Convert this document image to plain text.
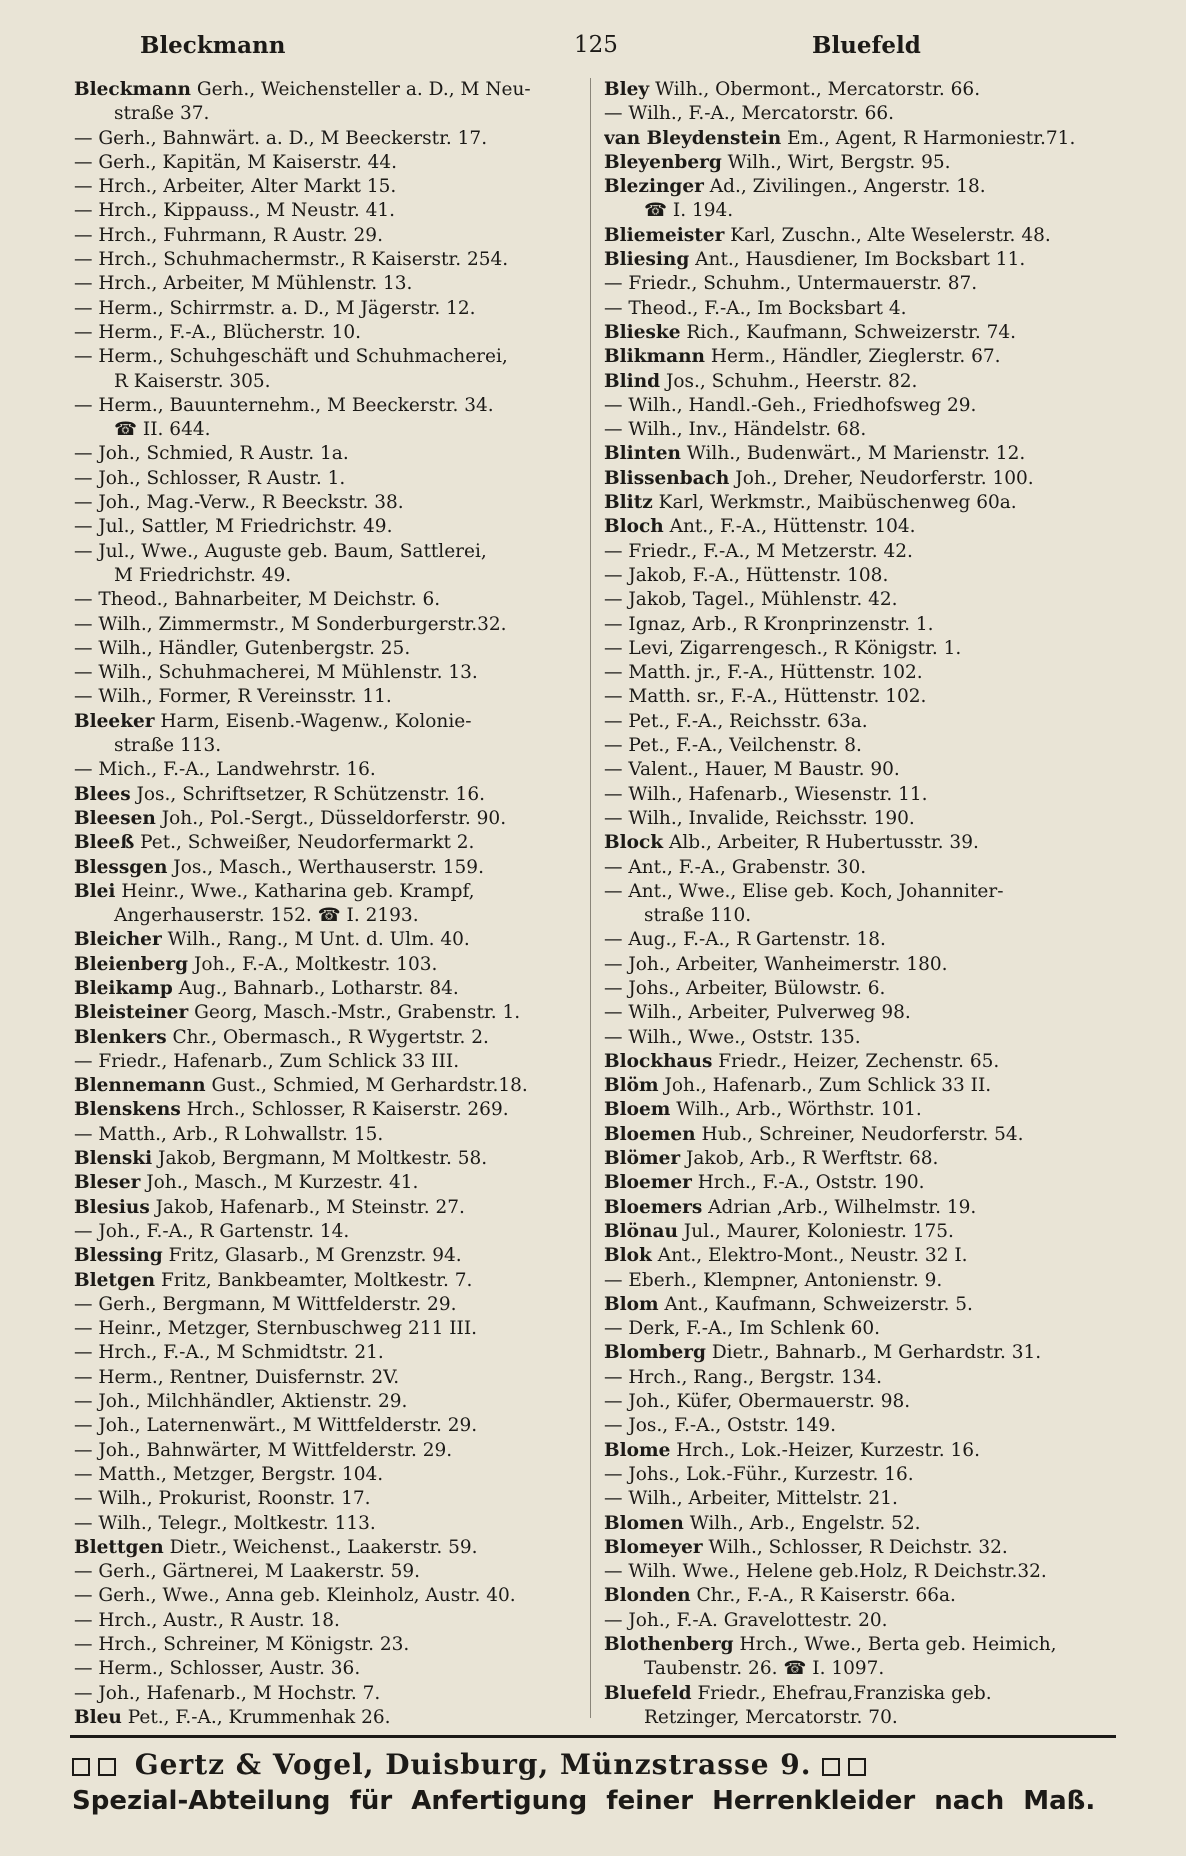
Bleckmann	125	Bluefeld
Bleckmann Gerh., Weichensteller a. D., M Neu-
straße 37.
— Gerh., Bahnwärt. a. D., M Beeckerstr. 17.
— Gerh., Kapitän, M Kaiserstr. 44.
— Hrch., Arbeiter, Alter Markt 15.
— Hrch., Kippauss., M Neustr. 41.
— Hrch., Fuhrmann, R Austr. 29.
— Hrch., Schuhmachermstr., R Kaiserstr. 254.
— Hrch., Arbeiter, M Mühlenstr. 13.
— Herm., Schirrmstr. a. D., M Jägerstr. 12.
— Herm., F.-A., Blücherstr. 10.
— Herm., Schuhgeschäft und Schuhmacherei,
R Kaiserstr. 305.
— Herm., Bauunternehm., M Beeckerstr. 34.
☎ II. 644.
— Joh., Schmied, R Austr. 1a.
— Joh., Schlosser, R Austr. 1.
— Joh., Mag.-Verw., R Beeckstr. 38.
— Jul., Sattler, M Friedrichstr. 49.
— Jul., Wwe., Auguste geb. Baum, Sattlerei,
M Friedrichstr. 49.
— Theod., Bahnarbeiter, M Deichstr. 6.
— Wilh., Zimmermstr., M Sonderburgerstr.32.
— Wilh., Händler, Gutenbergstr. 25.
— Wilh., Schuhmacherei, M Mühlenstr. 13.
— Wilh., Former, R Vereinsstr. 11.
Bleeker Harm, Eisenb.-Wagenw., Kolonie-
straße 113.
— Mich., F.-A., Landwehrstr. 16.
Blees Jos., Schriftsetzer, R Schützenstr. 16.
Bleesen Joh., Pol.-Sergt., Düsseldorferstr. 90.
Bleeß Pet., Schweißer, Neudorfermarkt 2.
Blessgen Jos., Masch., Werthauserstr. 159.
Blei Heinr., Wwe., Katharina geb. Krampf,
Angerhauserstr. 152. ☎ I. 2193.
Bleicher Wilh., Rang., M Unt. d. Ulm. 40.
Bleienberg Joh., F.-A., Moltkestr. 103.
Bleikamp Aug., Bahnarb., Lotharstr. 84.
Bleisteiner Georg, Masch.-Mstr., Grabenstr. 1.
Blenkers Chr., Obermasch., R Wygertstr. 2.
— Friedr., Hafenarb., Zum Schlick 33 III.
Blennemann Gust., Schmied, M Gerhardstr.18.
Blenskens Hrch., Schlosser, R Kaiserstr. 269.
— Matth., Arb., R Lohwallstr. 15.
Blenski Jakob, Bergmann, M Moltkestr. 58.
Bleser Joh., Masch., M Kurzestr. 41.
Blesius Jakob, Hafenarb., M Steinstr. 27.
— Joh., F.-A., R Gartenstr. 14.
Blessing Fritz, Glasarb., M Grenzstr. 94.
Bletgen Fritz, Bankbeamter, Moltkestr. 7.
— Gerh., Bergmann, M Wittfelderstr. 29.
— Heinr., Metzger, Sternbuschweg 211 III.
— Hrch., F.-A., M Schmidtstr. 21.
— Herm., Rentner, Duisfernstr. 2V.
— Joh., Milchhändler, Aktienstr. 29.
— Joh., Laternenwärt., M Wittfelderstr. 29.
— Joh., Bahnwärter, M Wittfelderstr. 29.
— Matth., Metzger, Bergstr. 104.
— Wilh., Prokurist, Roonstr. 17.
— Wilh., Telegr., Moltkestr. 113.
Blettgen Dietr., Weichenst., Laakerstr. 59.
— Gerh., Gärtnerei, M Laakerstr. 59.
— Gerh., Wwe., Anna geb. Kleinholz, Austr. 40.
— Hrch., Austr., R Austr. 18.
— Hrch., Schreiner, M Königstr. 23.
— Herm., Schlosser, Austr. 36.
— Joh., Hafenarb., M Hochstr. 7.
Bleu Pet., F.-A., Krummenhak 26.
Bley Wilh., Obermont., Mercatorstr. 66.
— Wilh., F.-A., Mercatorstr. 66.
van Bleydenstein Em., Agent, R Harmoniestr.71.
Bleyenberg Wilh., Wirt, Bergstr. 95.
Blezinger Ad., Zivilingen., Angerstr. 18.
☎ I. 194.
Bliemeister Karl, Zuschn., Alte Weselerstr. 48.
Bliesing Ant., Hausdiener, Im Bocksbart 11.
— Friedr., Schuhm., Untermauerstr. 87.
— Theod., F.-A., Im Bocksbart 4.
Blieske Rich., Kaufmann, Schweizerstr. 74.
Blikmann Herm., Händler, Zieglerstr. 67.
Blind Jos., Schuhm., Heerstr. 82.
— Wilh., Handl.-Geh., Friedhofsweg 29.
— Wilh., Inv., Händelstr. 68.
Blinten Wilh., Budenwärt., M Marienstr. 12.
Blissenbach Joh., Dreher, Neudorferstr. 100.
Blitz Karl, Werkmstr., Maibüschenweg 60a.
Bloch Ant., F.-A., Hüttenstr. 104.
— Friedr., F.-A., M Metzerstr. 42.
— Jakob, F.-A., Hüttenstr. 108.
— Jakob, Tagel., Mühlenstr. 42.
— Ignaz, Arb., R Kronprinzenstr. 1.
— Levi, Zigarrengesch., R Königstr. 1.
— Matth. jr., F.-A., Hüttenstr. 102.
— Matth. sr., F.-A., Hüttenstr. 102.
— Pet., F.-A., Reichsstr. 63a.
— Pet., F.-A., Veilchenstr. 8.
— Valent., Hauer, M Baustr. 90.
— Wilh., Hafenarb., Wiesenstr. 11.
— Wilh., Invalide, Reichsstr. 190.
Block Alb., Arbeiter, R Hubertusstr. 39.
— Ant., F.-A., Grabenstr. 30.
— Ant., Wwe., Elise geb. Koch, Johanniter-
straße 110.
— Aug., F.-A., R Gartenstr. 18.
— Joh., Arbeiter, Wanheimerstr. 180.
— Johs., Arbeiter, Bülowstr. 6.
— Wilh., Arbeiter, Pulverweg 98.
— Wilh., Wwe., Oststr. 135.
Blockhaus Friedr., Heizer, Zechenstr. 65.
Blöm Joh., Hafenarb., Zum Schlick 33 II.
Bloem Wilh., Arb., Wörthstr. 101.
Bloemen Hub., Schreiner, Neudorferstr. 54.
Blömer Jakob, Arb., R Werftstr. 68.
Bloemer Hrch., F.-A., Oststr. 190.
Bloemers Adrian ,Arb., Wilhelmstr. 19.
Blönau Jul., Maurer, Koloniestr. 175.
Blok Ant., Elektro-Mont., Neustr. 32 I.
— Eberh., Klempner, Antonienstr. 9.
Blom Ant., Kaufmann, Schweizerstr. 5.
— Derk, F.-A., Im Schlenk 60.
Blomberg Dietr., Bahnarb., M Gerhardstr. 31.
— Hrch., Rang., Bergstr. 134.
— Joh., Küfer, Obermauerstr. 98.
— Jos., F.-A., Oststr. 149.
Blome Hrch., Lok.-Heizer, Kurzestr. 16.
— Johs., Lok.-Führ., Kurzestr. 16.
— Wilh., Arbeiter, Mittelstr. 21.
Blomen Wilh., Arb., Engelstr. 52.
Blomeyer Wilh., Schlosser, R Deichstr. 32.
— Wilh. Wwe., Helene geb.Holz, R Deichstr.32.
Blonden Chr., F.-A., R Kaiserstr. 66a.
— Joh., F.-A. Gravelottestr. 20.
Blothenberg Hrch., Wwe., Berta geb. Heimich,
Taubenstr. 26. ☎ I. 1097.
Bluefeld Friedr., Ehefrau,Franziska geb.
Retzinger, Mercatorstr. 70.
Gertz & Vogel, Duisburg, Münzstrasse 9.
Spezial-Abteilung für Anfertigung feiner Herrenkleider nach Maß.
